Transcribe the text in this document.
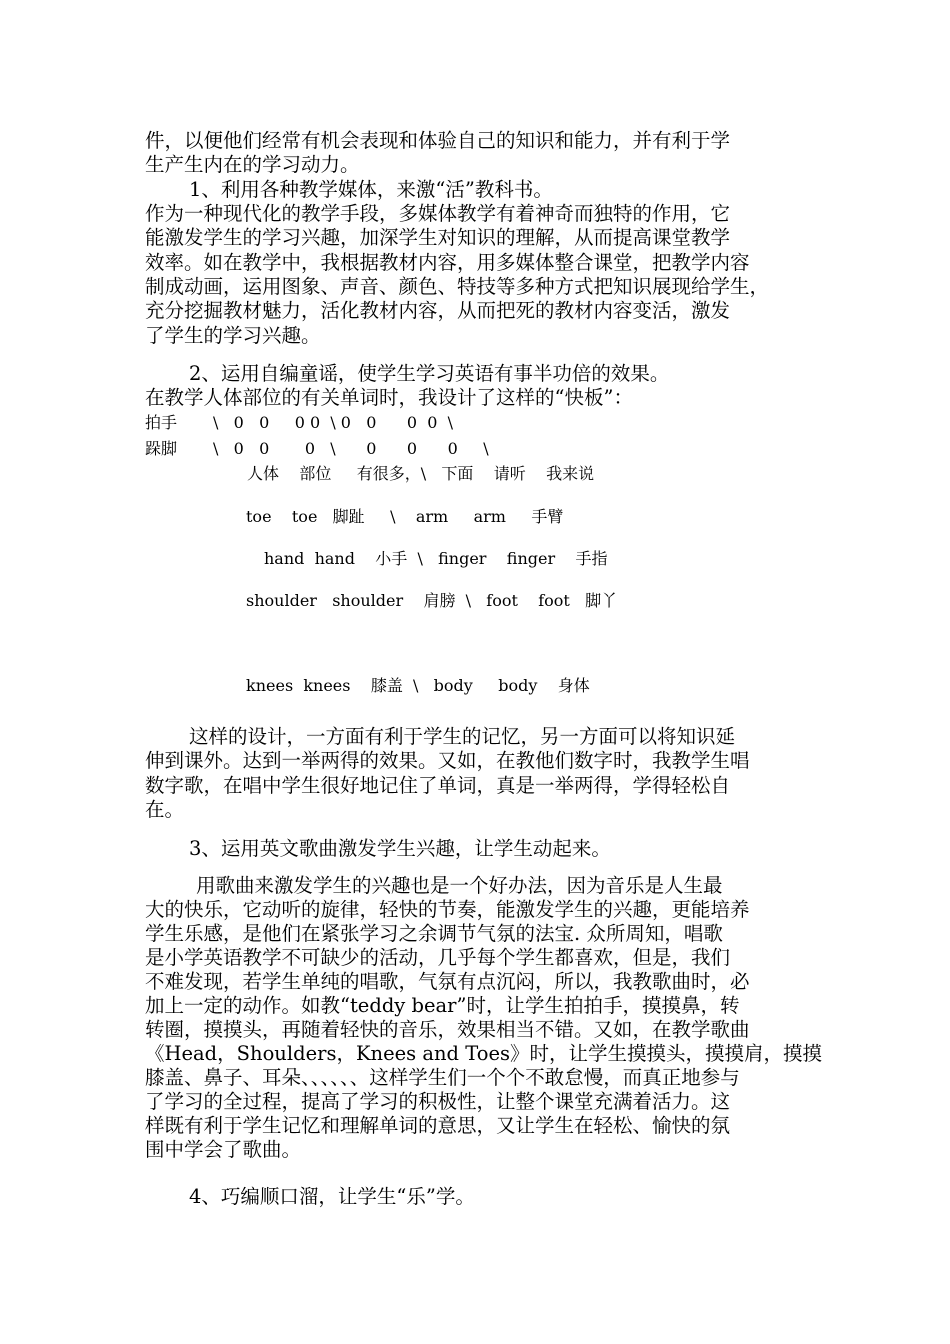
件，以便他们经常有机会表现和体验自己的知识和能力，并有利于学
生产生内在的学习动力。
1、利用各种教学媒体，来激“活”教科书。
作为一种现代化的教学手段，多媒体教学有着神奇而独特的作用，它
能激发学生的学习兴趣，加深学生对知识的理解，从而提高课堂教学
效率。如在教学中，我根据教材内容，用多媒体整合课堂，把教学内容
制成动画，运用图象、声音、颜色、特技等多种方式把知识展现给学生，
充分挖掘教材魅力，活化教材内容，从而把死的教材内容变活，激发
了学生的学习兴趣。
2、运用自编童谣，使学生学习英语有事半功倍的效果。
在教学人体部位的有关单词时，我设计了这样的“快板”：
拍手 \   0   0     0 0  \ 0   0      0  0  \
跺脚 \   0   0       0   \      0      0      0     \
人体    部位     有很多，\   下面    请听    我来说
toe    toe   脚趾     \    arm     arm     手臂
hand  hand    小手  \   finger    finger    手指
shoulder   shoulder    肩膀  \   foot    foot   脚丫
knees  knees    膝盖  \   body     body    身体
这样的设计，一方面有利于学生的记忆，另一方面可以将知识延
伸到课外。达到一举两得的效果。又如，在教他们数字时，我教学生唱
数字歌，在唱中学生很好地记住了单词，真是一举两得，学得轻松自
在。
3、运用英文歌曲激发学生兴趣，让学生动起来。
用歌曲来激发学生的兴趣也是一个好办法，因为音乐是人生最
大的快乐，它动听的旋律，轻快的节奏，能激发学生的兴趣，更能培养
学生乐感，是他们在紧张学习之余调节气氛的法宝. 众所周知，唱歌
是小学英语教学不可缺少的活动，几乎每个学生都喜欢，但是，我们
不难发现，若学生单纯的唱歌，气氛有点沉闷，所以，我教歌曲时，必
加上一定的动作。如教“teddy bear”时，让学生拍拍手，摸摸鼻，转
转圈，摸摸头，再随着轻快的音乐，效果相当不错。又如，在教学歌曲
《Head，Shoulders，Knees and Toes》时，让学生摸摸头，摸摸肩，摸摸
膝盖、鼻子、耳朵、、、、、、这样学生们一个个不敢怠慢，而真正地参与
了学习的全过程，提高了学习的积极性，让整个课堂充满着活力。这
样既有利于学生记忆和理解单词的意思，又让学生在轻松、愉快的氛
围中学会了歌曲。
4、巧编顺口溜，让学生“乐”学。
